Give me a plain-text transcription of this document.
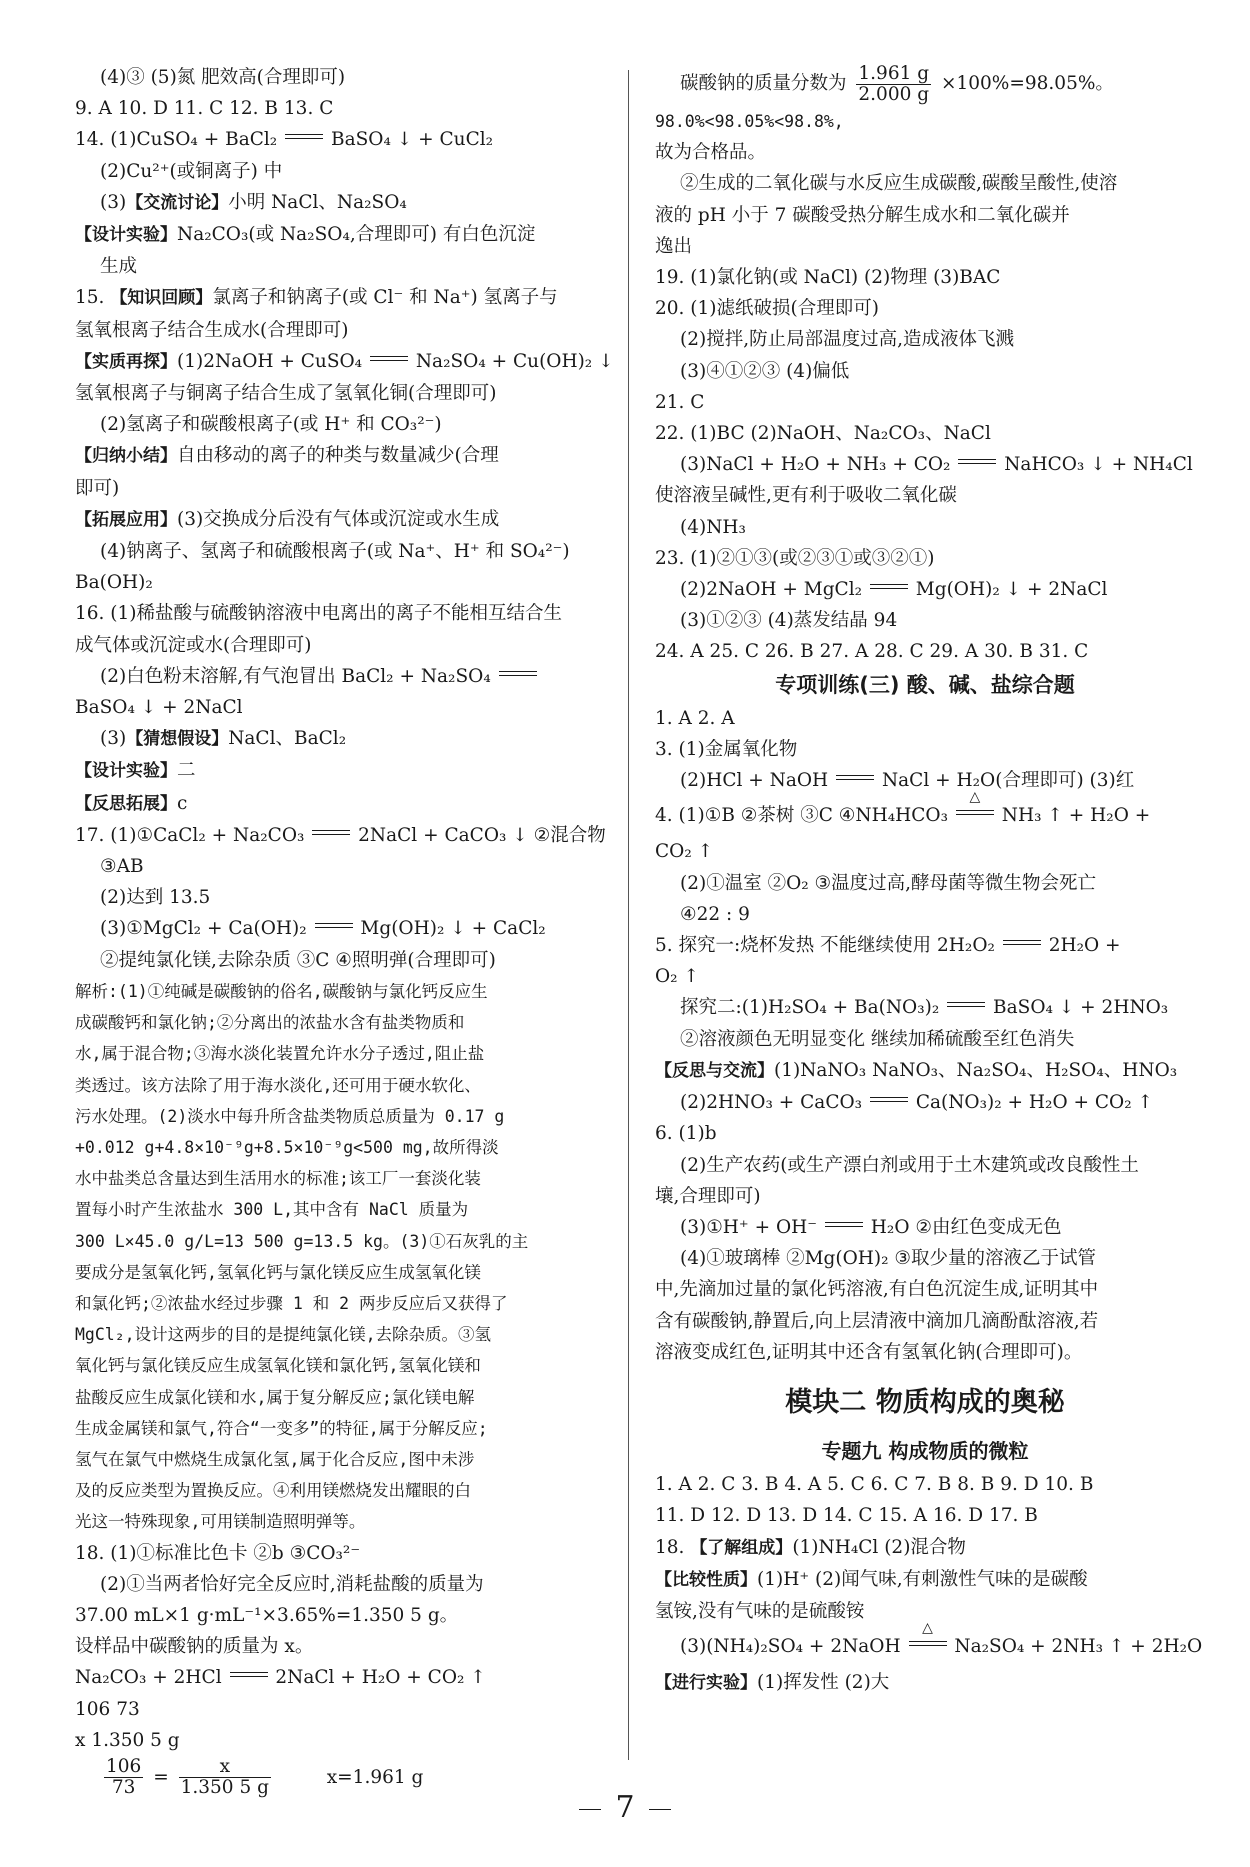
(4)③ (5)氮 肥效高(合理即可)
9. A 10. D 11. C 12. B 13. C
14. (1)CuSO₄ + BaCl₂  BaSO₄ ↓ + CuCl₂
(2)Cu²⁺(或铜离子) 中
(3)【交流讨论】小明 NaCl、Na₂SO₄
【设计实验】Na₂CO₃(或 Na₂SO₄,合理即可) 有白色沉淀
生成
15. 【知识回顾】氯离子和钠离子(或 Cl⁻ 和 Na⁺) 氢离子与
氢氧根离子结合生成水(合理即可)
【实质再探】(1)2NaOH + CuSO₄  Na₂SO₄ + Cu(OH)₂ ↓
氢氧根离子与铜离子结合生成了氢氧化铜(合理即可)
(2)氢离子和碳酸根离子(或 H⁺ 和 CO₃²⁻)
【归纳小结】自由移动的离子的种类与数量减少(合理
即可)
【拓展应用】(3)交换成分后没有气体或沉淀或水生成
(4)钠离子、氢离子和硫酸根离子(或 Na⁺、H⁺ 和 SO₄²⁻)
Ba(OH)₂
16. (1)稀盐酸与硫酸钠溶液中电离出的离子不能相互结合生
成气体或沉淀或水(合理即可)
(2)白色粉末溶解,有气泡冒出 BaCl₂ + Na₂SO₄
BaSO₄ ↓ + 2NaCl
(3)【猜想假设】NaCl、BaCl₂
【设计实验】二
【反思拓展】c
17. (1)①CaCl₂ + Na₂CO₃  2NaCl + CaCO₃ ↓ ②混合物
③AB
(2)达到 13.5
(3)①MgCl₂ + Ca(OH)₂  Mg(OH)₂ ↓ + CaCl₂
②提纯氯化镁,去除杂质 ③C ④照明弹(合理即可)
解析:(1)①纯碱是碳酸钠的俗名,碳酸钠与氯化钙反应生
成碳酸钙和氯化钠;②分离出的浓盐水含有盐类物质和
水,属于混合物;③海水淡化装置允许水分子透过,阻止盐
类透过。该方法除了用于海水淡化,还可用于硬水软化、
污水处理。(2)淡水中每升所含盐类物质总质量为 0.17 g
+0.012 g+4.8×10⁻⁹g+8.5×10⁻⁹g<500 mg,故所得淡
水中盐类总含量达到生活用水的标准;该工厂一套淡化装
置每小时产生浓盐水 300 L,其中含有 NaCl 质量为
300 L×45.0 g/L=13 500 g=13.5 kg。(3)①石灰乳的主
要成分是氢氧化钙,氢氧化钙与氯化镁反应生成氢氧化镁
和氯化钙;②浓盐水经过步骤 1 和 2 两步反应后又获得了
MgCl₂,设计这两步的目的是提纯氯化镁,去除杂质。③氢
氧化钙与氯化镁反应生成氢氧化镁和氯化钙,氢氧化镁和
盐酸反应生成氯化镁和水,属于复分解反应;氯化镁电解
生成金属镁和氯气,符合“一变多”的特征,属于分解反应;
氢气在氯气中燃烧生成氯化氢,属于化合反应,图中未涉
及的反应类型为置换反应。④利用镁燃烧发出耀眼的白
光这一特殊现象,可用镁制造照明弹等。
18. (1)①标准比色卡 ②b ③CO₃²⁻
(2)①当两者恰好完全反应时,消耗盐酸的质量为
37.00 mL×1 g·mL⁻¹×3.65%=1.350 5 g。
设样品中碳酸钠的质量为 x。
Na₂CO₃ + 2HCl  2NaCl + H₂O + CO₂ ↑
106 73
x 1.350 5 g
$\frac{106}{73} = \frac{x}{1.350 5 g}$	x=1.961 g
碳酸钠的质量分数为 $\frac{1.961 g}{2.000 g} \times 100\%=98.05\%$。
98.0%<98.05%<98.8%,
故为合格品。
②生成的二氧化碳与水反应生成碳酸,碳酸呈酸性,使溶
液的 pH 小于 7 碳酸受热分解生成水和二氧化碳并
逸出
19. (1)氯化钠(或 NaCl) (2)物理 (3)BAC
20. (1)滤纸破损(合理即可)
(2)搅拌,防止局部温度过高,造成液体飞溅
(3)④①②③ (4)偏低
21. C
22. (1)BC (2)NaOH、Na₂CO₃、NaCl
(3)NaCl + H₂O + NH₃ + CO₂  NaHCO₃ ↓ + NH₄Cl
使溶液呈碱性,更有利于吸收二氧化碳
(4)NH₃
23. (1)②①③(或②③①或③②①)
(2)2NaOH + MgCl₂  Mg(OH)₂ ↓ + 2NaCl
(3)①②③ (4)蒸发结晶 94
24. A 25. C 26. B 27. A 28. C 29. A 30. B 31. C
专项训练(三) 酸、碱、盐综合题
1. A 2. A
3. (1)金属氧化物
(2)HCl + NaOH  NaCl + H₂O(合理即可) (3)红
4. (1)①B ②茶树 ③C ④NH₄HCO₃
△
NH₃ ↑ + H₂O +
CO₂ ↑
(2)①温室 ②O₂ ③温度过高,酵母菌等微生物会死亡
④22 : 9
5. 探究一:烧杯发热 不能继续使用 2H₂O₂  2H₂O +
O₂ ↑
探究二:(1)H₂SO₄ + Ba(NO₃)₂  BaSO₄ ↓ + 2HNO₃
②溶液颜色无明显变化 继续加稀硫酸至红色消失
【反思与交流】(1)NaNO₃ NaNO₃、Na₂SO₄、H₂SO₄、HNO₃
(2)2HNO₃ + CaCO₃  Ca(NO₃)₂ + H₂O + CO₂ ↑
6. (1)b
(2)生产农药(或生产漂白剂或用于土木建筑或改良酸性土
壤,合理即可)
(3)①H⁺ + OH⁻  H₂O ②由红色变成无色
(4)①玻璃棒 ②Mg(OH)₂ ③取少量的溶液乙于试管
中,先滴加过量的氯化钙溶液,有白色沉淀生成,证明其中
含有碳酸钠,静置后,向上层清液中滴加几滴酚酞溶液,若
溶液变成红色,证明其中还含有氢氧化钠(合理即可)。
模块二 物质构成的奥秘
专题九 构成物质的微粒
1. A 2. C 3. B 4. A 5. C 6. C 7. B 8. B 9. D 10. B
11. D 12. D 13. D 14. C 15. A 16. D 17. B
18. 【了解组成】(1)NH₄Cl (2)混合物
【比较性质】(1)H⁺ (2)闻气味,有刺激性气味的是碳酸
氢铵,没有气味的是硫酸铵
(3)(NH₄)₂SO₄ + 2NaOH
△
Na₂SO₄ + 2NH₃ ↑ + 2H₂O
【进行实验】(1)挥发性 (2)大
7
